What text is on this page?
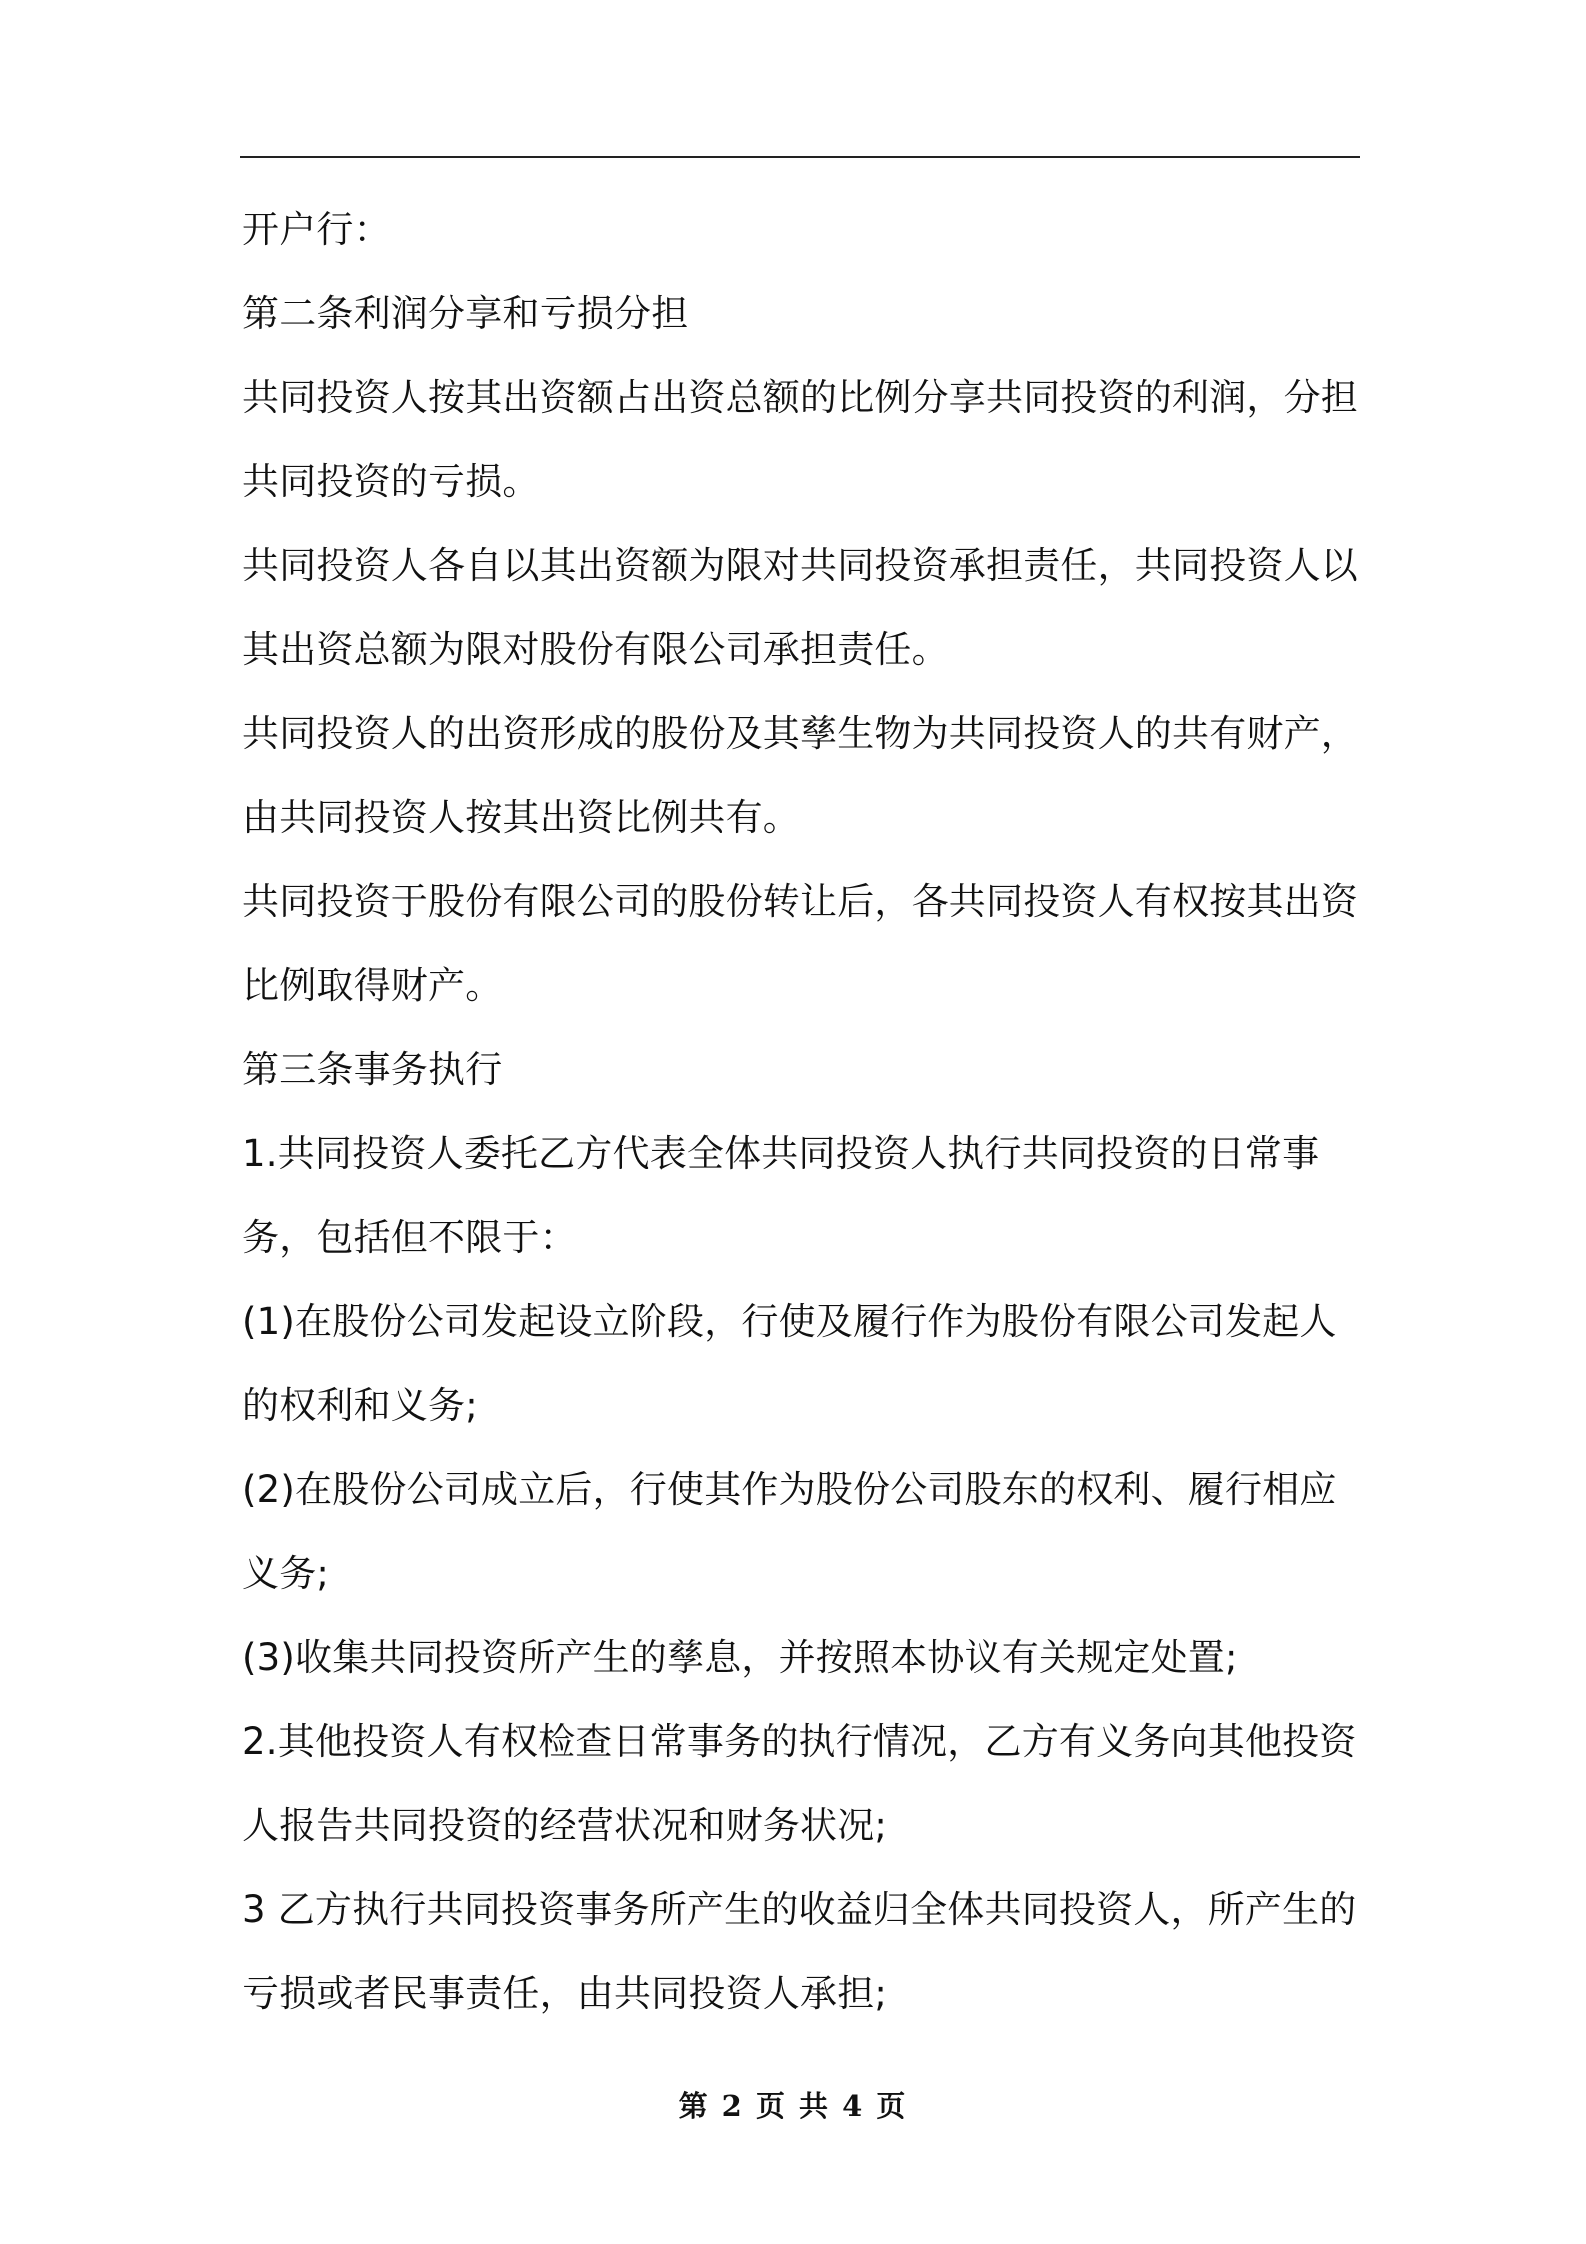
开户行：
第二条利润分享和亏损分担
共同投资人按其出资额占出资总额的比例分享共同投资的利润，分担
共同投资的亏损。
共同投资人各自以其出资额为限对共同投资承担责任，共同投资人以
其出资总额为限对股份有限公司承担责任。
共同投资人的出资形成的股份及其孳生物为共同投资人的共有财产，
由共同投资人按其出资比例共有。
共同投资于股份有限公司的股份转让后，各共同投资人有权按其出资
比例取得财产。
第三条事务执行
1.共同投资人委托乙方代表全体共同投资人执行共同投资的日常事
务，包括但不限于：
(1)在股份公司发起设立阶段，行使及履行作为股份有限公司发起人
的权利和义务;
(2)在股份公司成立后，行使其作为股份公司股东的权利、履行相应
义务;
(3)收集共同投资所产生的孳息，并按照本协议有关规定处置;
2.其他投资人有权检查日常事务的执行情况，乙方有义务向其他投资
人报告共同投资的经营状况和财务状况;
3 乙方执行共同投资事务所产生的收益归全体共同投资人，所产生的
亏损或者民事责任，由共同投资人承担;
第 2 页 共 4 页
